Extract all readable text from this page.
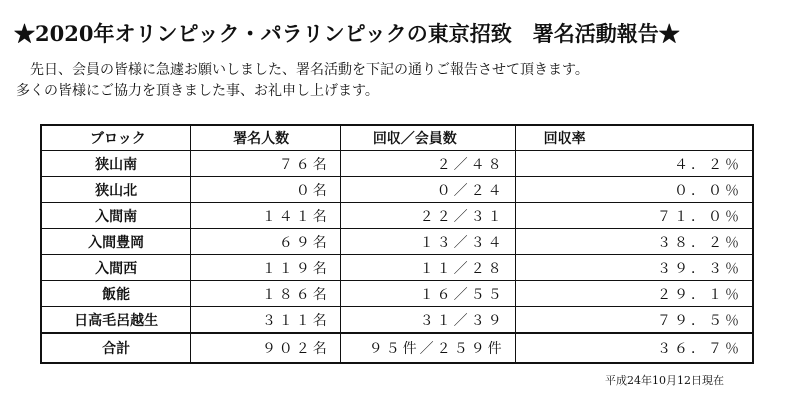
★2020年オリンピック・パラリンピックの東京招致　署名活動報告★
先日、会員の皆様に急遽お願いしました、署名活動を下記の通りご報告させて頂きます。
多くの皆様にご協力を頂きました事、お礼申し上げます。
ブロック	署名人数	回収／会員数	回収率
狭山南	７６名	２／４８	４．２％
狭山北	０名	０／２４	０．０％
入間南	１４１名	２２／３１	７１．０％
入間豊岡	６９名	１３／３４	３８．２％
入間西	１１９名	１１／２８	３９．３％
飯能	１８６名	１６／５５	２９．１％
日高毛呂越生	３１１名	３１／３９	７９．５％
合計	９０２名	９５件／２５９件	３６．７％
平成24年10月12日現在
